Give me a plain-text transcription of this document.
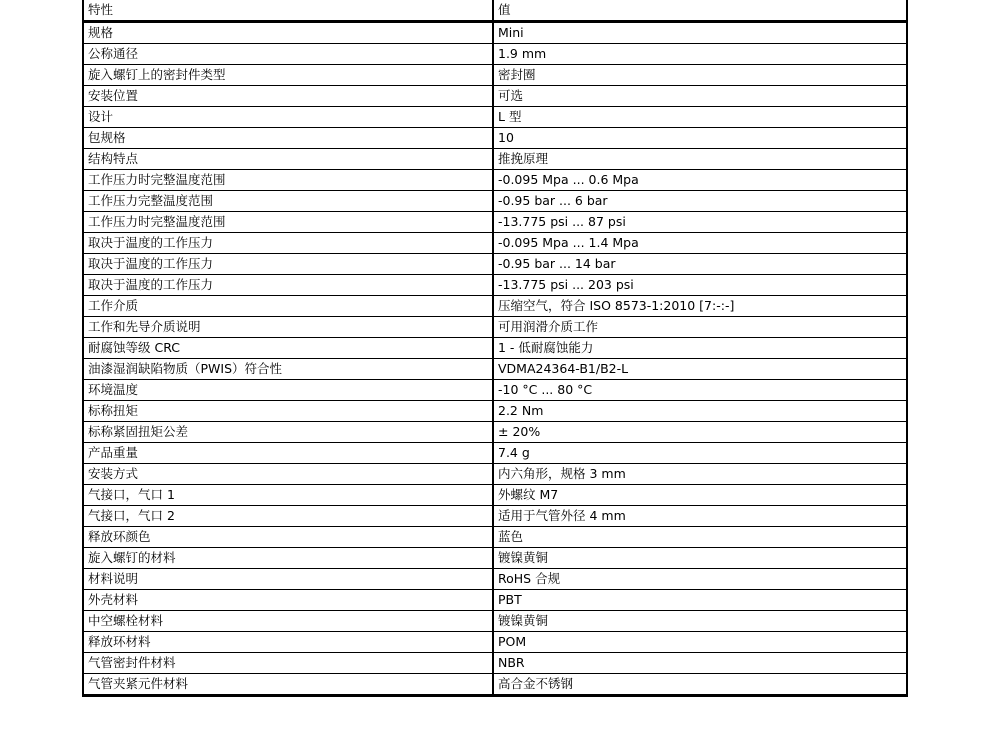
特性	值
规格	Mini
公称通径	1.9 mm
旋入螺钉上的密封件类型	密封圈
安装位置	可选
设计	L 型
包规格	10
结构特点	推挽原理
工作压力时完整温度范围	-0.095 Mpa ... 0.6 Mpa
工作压力完整温度范围	-0.95 bar ... 6 bar
工作压力时完整温度范围	-13.775 psi ... 87 psi
取决于温度的工作压力	-0.095 Mpa ... 1.4 Mpa
取决于温度的工作压力	-0.95 bar ... 14 bar
取决于温度的工作压力	-13.775 psi ... 203 psi
工作介质	压缩空气，符合 ISO 8573-1:2010 [7:-:-]
工作和先导介质说明	可用润滑介质工作
耐腐蚀等级 CRC	1 - 低耐腐蚀能力
油漆湿润缺陷物质（PWIS）符合性	VDMA24364-B1/B2-L
环境温度	-10 °C ... 80 °C
标称扭矩	2.2 Nm
标称紧固扭矩公差	± 20%
产品重量	7.4 g
安装方式	内六角形，规格 3 mm
气接口，气口 1	外螺纹 M7
气接口，气口 2	适用于气管外径 4 mm
释放环颜色	蓝色
旋入螺钉的材料	镀镍黄铜
材料说明	RoHS 合规
外壳材料	PBT
中空螺栓材料	镀镍黄铜
释放环材料	POM
气管密封件材料	NBR
气管夹紧元件材料	高合金不锈钢
